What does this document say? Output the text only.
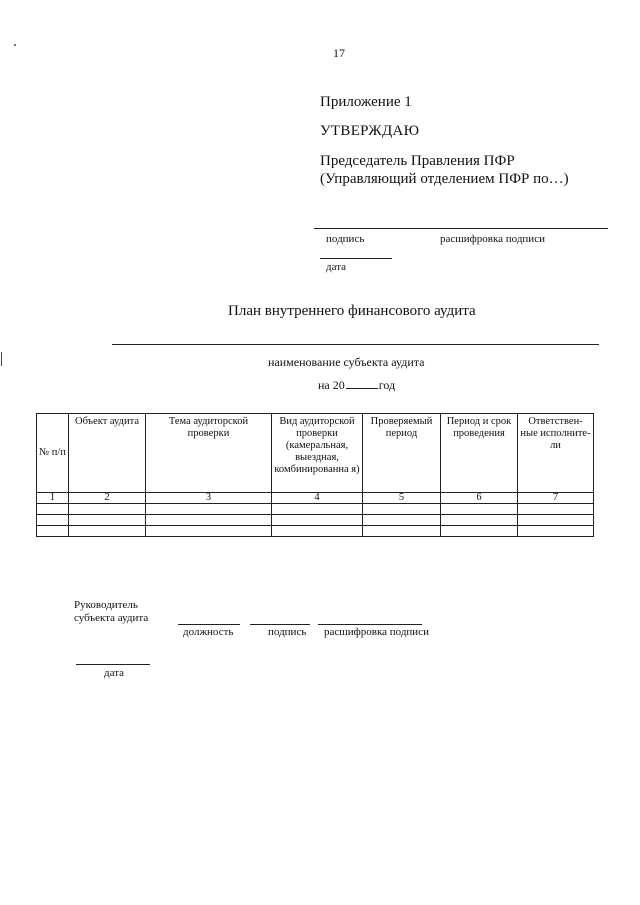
17
Приложение 1
УТВЕРЖДАЮ
Председатель Правления ПФР
(Управляющий отделением ПФР по…)
подпись	расшифровка подписи
дата
План внутреннего финансового аудита
наименование субъекта аудита
на 20	год
№ п/п	Объект аудита	Тема аудиторской проверки	Вид аудиторской проверки (камеральная, выездная, комбинированна я)	Проверяемый период	Период и срок проведения	Ответствен-ные исполните-ли
1	2	3	4	5	6	7

Руководитель
субъекта аудита
должность	подпись расшифровка подписи
дата
